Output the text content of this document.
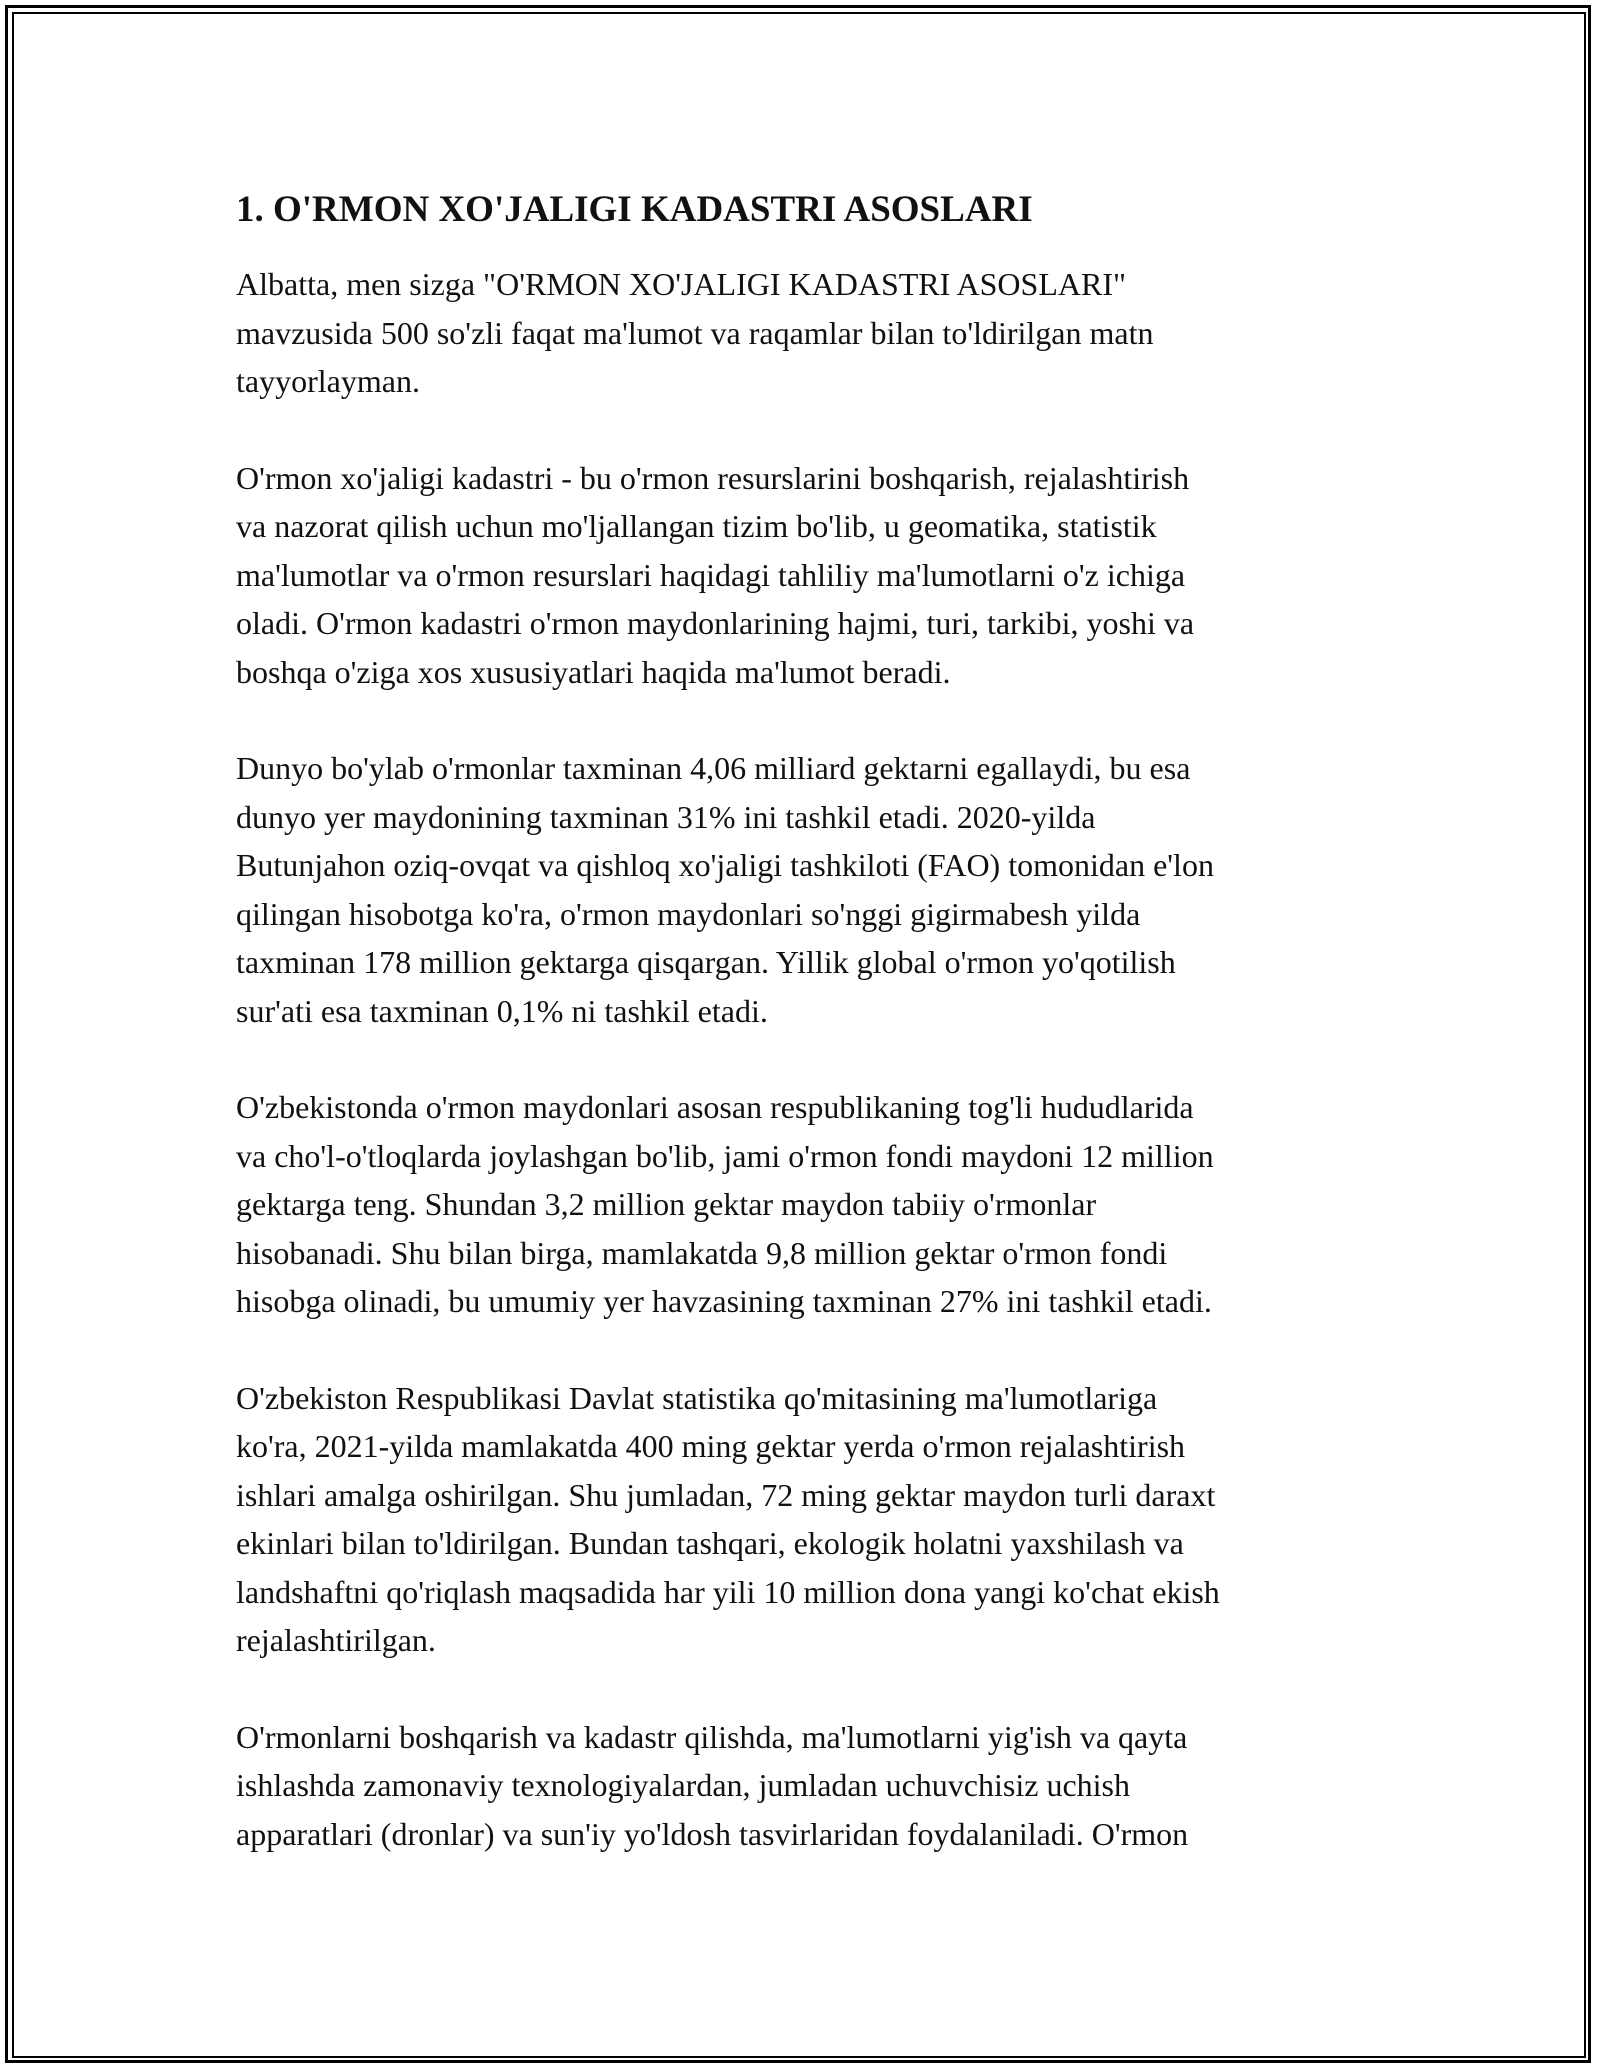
1. O'RMON XO'JALIGI KADASTRI ASOSLARI

Albatta, men sizga "O'RMON XO'JALIGI KADASTRI ASOSLARI"
mavzusida 500 so'zli faqat ma'lumot va raqamlar bilan to'ldirilgan matn
tayyorlayman.

O'rmon xo'jaligi kadastri - bu o'rmon resurslarini boshqarish, rejalashtirish
va nazorat qilish uchun mo'ljallangan tizim bo'lib, u geomatika, statistik
ma'lumotlar va o'rmon resurslari haqidagi tahliliy ma'lumotlarni o'z ichiga
oladi. O'rmon kadastri o'rmon maydonlarining hajmi, turi, tarkibi, yoshi va
boshqa o'ziga xos xususiyatlari haqida ma'lumot beradi.

Dunyo bo'ylab o'rmonlar taxminan 4,06 milliard gektarni egallaydi, bu esa
dunyo yer maydonining taxminan 31% ini tashkil etadi. 2020-yilda
Butunjahon oziq-ovqat va qishloq xo'jaligi tashkiloti (FAO) tomonidan e'lon
qilingan hisobotga ko'ra, o'rmon maydonlari so'nggi gigirmabesh yilda
taxminan 178 million gektarga qisqargan. Yillik global o'rmon yo'qotilish
sur'ati esa taxminan 0,1% ni tashkil etadi.

O'zbekistonda o'rmon maydonlari asosan respublikaning tog'li hududlarida
va cho'l-o'tloqlarda joylashgan bo'lib, jami o'rmon fondi maydoni 12 million
gektarga teng. Shundan 3,2 million gektar maydon tabiiy o'rmonlar
hisobanadi. Shu bilan birga, mamlakatda 9,8 million gektar o'rmon fondi
hisobga olinadi, bu umumiy yer havzasining taxminan 27% ini tashkil etadi.

O'zbekiston Respublikasi Davlat statistika qo'mitasining ma'lumotlariga
ko'ra, 2021-yilda mamlakatda 400 ming gektar yerda o'rmon rejalashtirish
ishlari amalga oshirilgan. Shu jumladan, 72 ming gektar maydon turli daraxt
ekinlari bilan to'ldirilgan. Bundan tashqari, ekologik holatni yaxshilash va
landshaftni qo'riqlash maqsadida har yili 10 million dona yangi ko'chat ekish
rejalashtirilgan.

O'rmonlarni boshqarish va kadastr qilishda, ma'lumotlarni yig'ish va qayta
ishlashda zamonaviy texnologiyalardan, jumladan uchuvchisiz uchish
apparatlari (dronlar) va sun'iy yo'ldosh tasvirlaridan foydalaniladi. O'rmon
